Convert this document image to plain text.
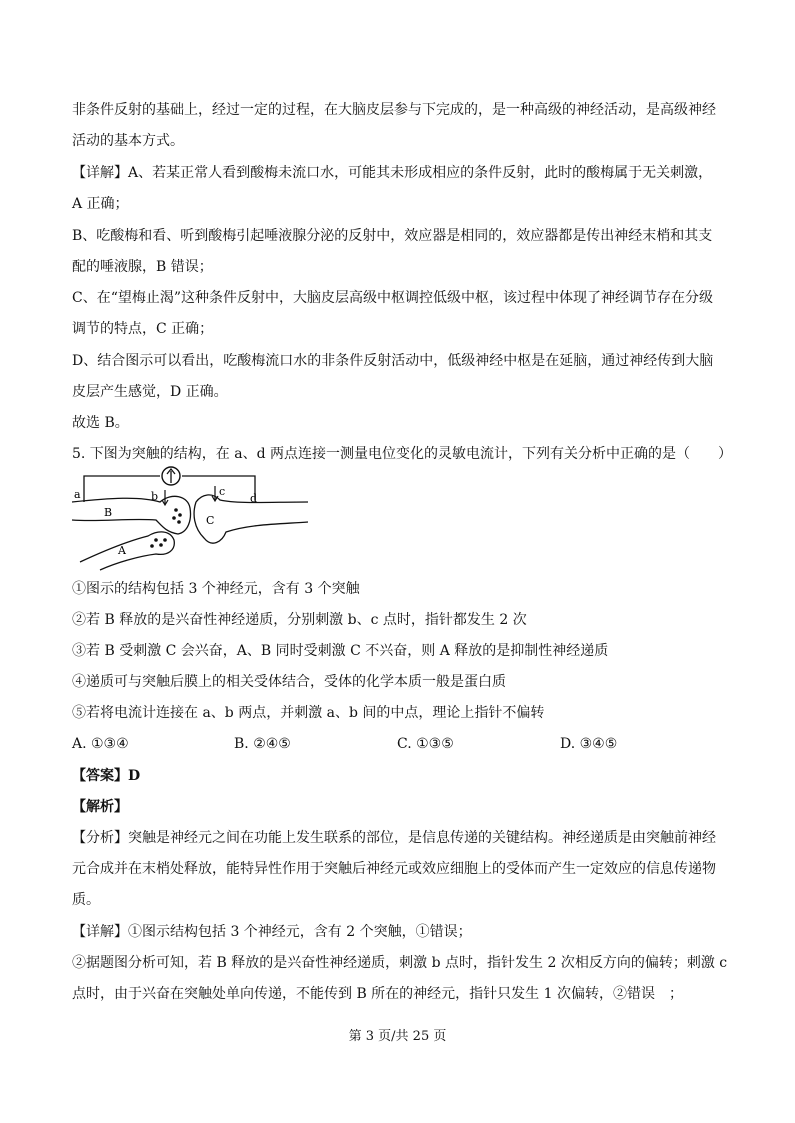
非条件反射的基础上，经过一定的过程，在大脑皮层参与下完成的，是一种高级的神经活动，是高级神经
活动的基本方式。
【详解】A、若某正常人看到酸梅未流口水，可能其未形成相应的条件反射，此时的酸梅属于无关刺激，
A 正确；
B、吃酸梅和看、听到酸梅引起唾液腺分泌的反射中，效应器是相同的，效应器都是传出神经末梢和其支
配的唾液腺，B 错误；
C、在“望梅止渴”这种条件反射中，大脑皮层高级中枢调控低级中枢，该过程中体现了神经调节存在分级
调节的特点，C 正确；
D、结合图示可以看出，吃酸梅流口水的非条件反射活动中，低级神经中枢是在延脑，通过神经传到大脑
皮层产生感觉，D 正确。
故选 B。
5. 下图为突触的结构，在 a、d 两点连接一测量电位变化的灵敏电流计，下列有关分析中正确的是（　　）
a	b	c
d
B
A
C
①图示的结构包括 3 个神经元，含有 3 个突触
②若 B 释放的是兴奋性神经递质，分别刺激 b、c 点时，指针都发生 2 次
③若 B 受刺激 C 会兴奋，A、B 同时受刺激 C 不兴奋，则 A 释放的是抑制性神经递质
④递质可与突触后膜上的相关受体结合，受体的化学本质一般是蛋白质
⑤若将电流计连接在 a、b 两点，并刺激 a、b 间的中点，理论上指针不偏转
A. ①③④	B. ②④⑤	C. ①③⑤	D. ③④⑤
【答案】D
【解析】
【分析】突触是神经元之间在功能上发生联系的部位，是信息传递的关键结构。神经递质是由突触前神经
元合成并在末梢处释放，能特异性作用于突触后神经元或效应细胞上的受体而产生一定效应的信息传递物
质。
【详解】①图示结构包括 3 个神经元，含有 2 个突触，①错误；
②据题图分析可知，若 B 释放的是兴奋性神经递质，刺激 b 点时，指针发生 2 次相反方向的偏转；刺激 c
点时，由于兴奋在突触处单向传递，不能传到 B 所在的神经元，指针只发生 1 次偏转，②错误　；
第 3 页/共 25 页
